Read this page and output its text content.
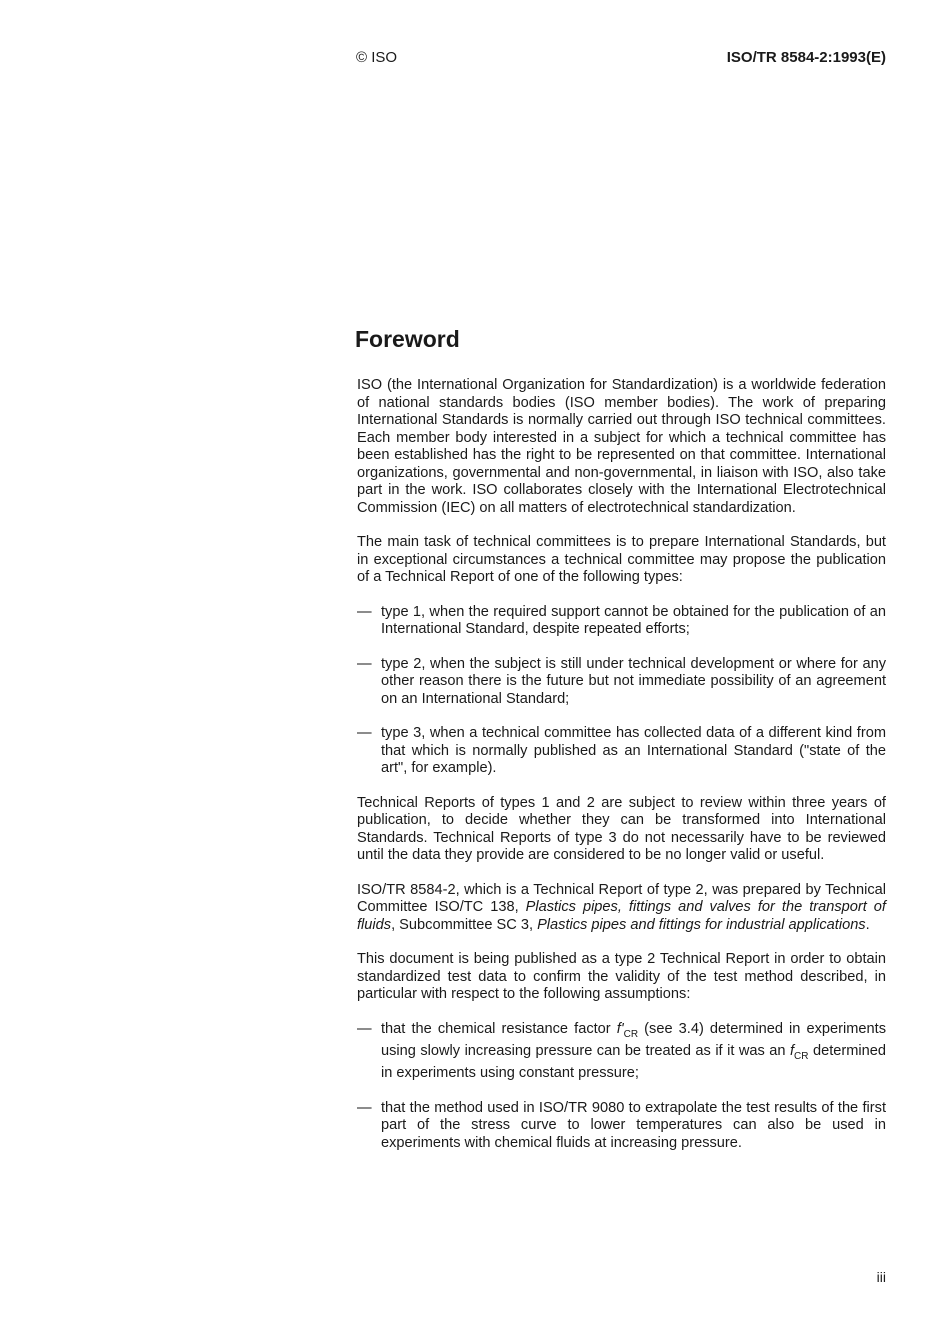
© ISO	ISO/TR 8584-2:1993(E)
Foreword

ISO (the International Organization for Standardization) is a worldwide federation of national standards bodies (ISO member bodies). The work of preparing International Standards is normally carried out through ISO technical committees. Each member body interested in a subject for which a technical committee has been established has the right to be represented on that committee. International organizations, governmental and non-governmental, in liaison with ISO, also take part in the work. ISO collaborates closely with the International Electrotechnical Commission (IEC) on all matters of electrotechnical standardization.

The main task of technical committees is to prepare International Standards, but in exceptional circumstances a technical committee may propose the publication of a Technical Report of one of the following types:

— type 1, when the required support cannot be obtained for the publication of an International Standard, despite repeated efforts;
— type 2, when the subject is still under technical development or where for any other reason there is the future but not immediate possibility of an agreement on an International Standard;
— type 3, when a technical committee has collected data of a different kind from that which is normally published as an International Standard ("state of the art", for example).

Technical Reports of types 1 and 2 are subject to review within three years of publication, to decide whether they can be transformed into International Standards. Technical Reports of type 3 do not necessarily have to be reviewed until the data they provide are considered to be no longer valid or useful.

ISO/TR 8584-2, which is a Technical Report of type 2, was prepared by Technical Committee ISO/TC 138, Plastics pipes, fittings and valves for the transport of fluids, Subcommittee SC 3, Plastics pipes and fittings for industrial applications.

This document is being published as a type 2 Technical Report in order to obtain standardized test data to confirm the validity of the test method described, in particular with respect to the following assumptions:

— that the chemical resistance factor $f'_{CR}$ (see 3.4) determined in experiments using slowly increasing pressure can be treated as if it was an $f_{CR}$ determined in experiments using constant pressure;
— that the method used in ISO/TR 9080 to extrapolate the test results of the first part of the stress curve to lower temperatures can also be used in experiments with chemical fluids at increasing pressure.
iii
